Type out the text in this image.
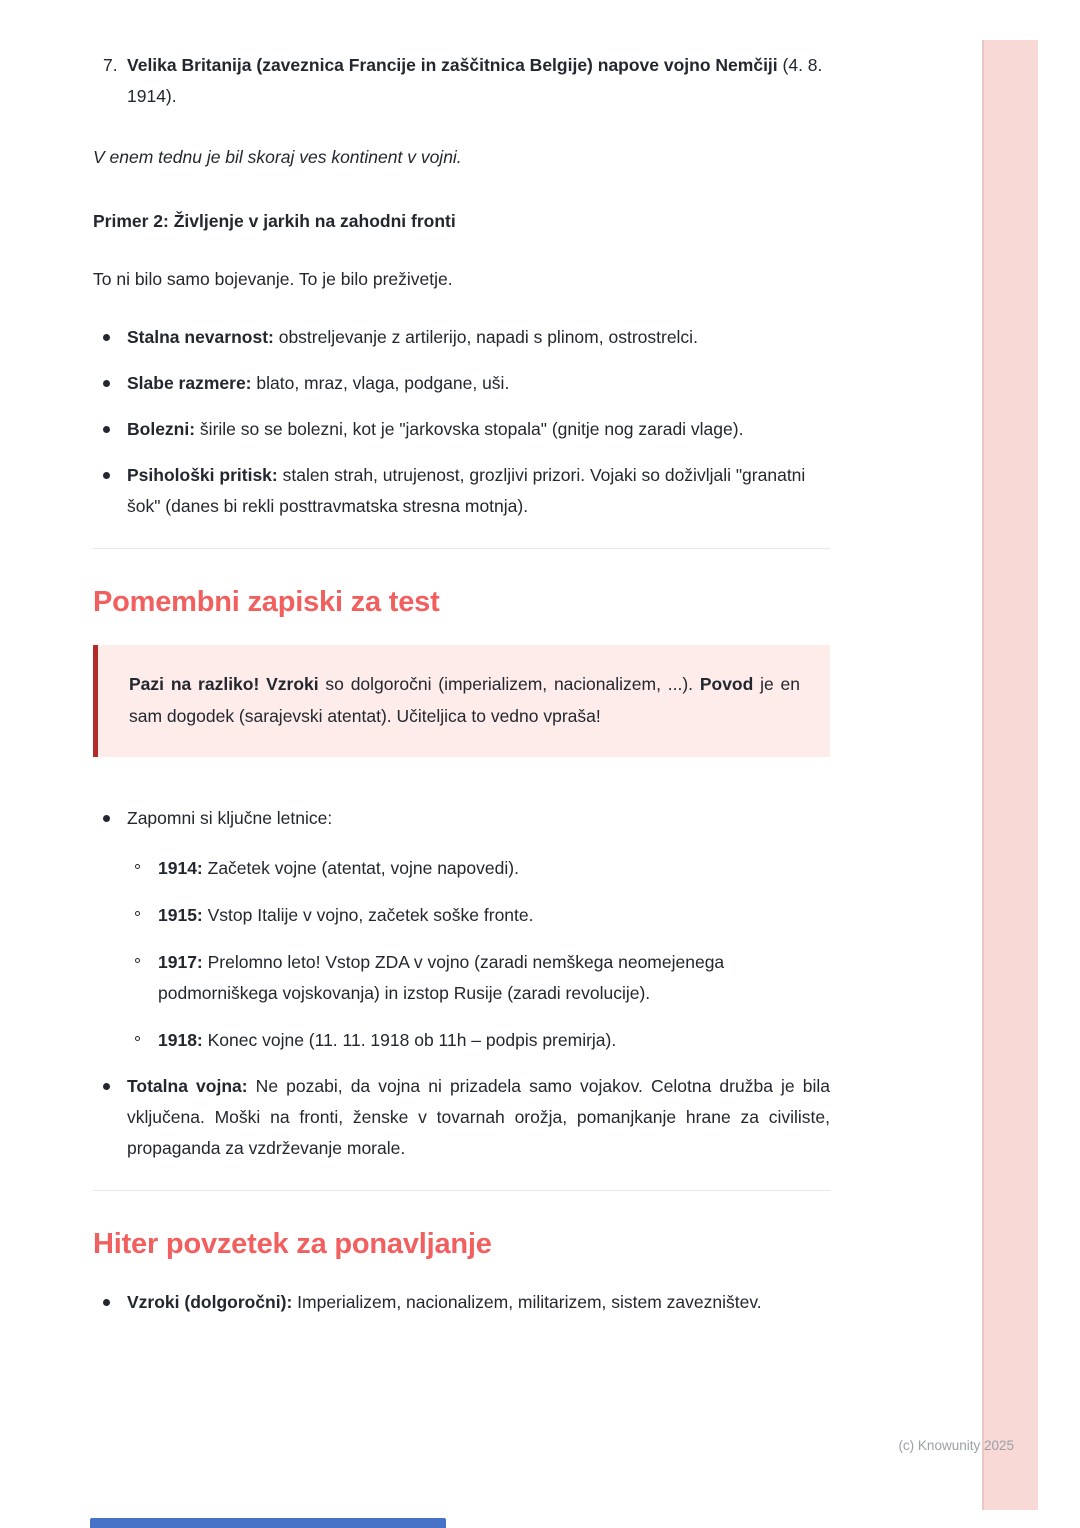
7. Velika Britanija (zaveznica Francije in zaščitnica Belgije) napove vojno Nemčiji (4. 8. 1914).

V enem tednu je bil skoraj ves kontinent v vojni.

Primer 2: Življenje v jarkih na zahodni fronti

To ni bilo samo bojevanje. To je bilo preživetje.

Stalna nevarnost: obstreljevanje z artilerijo, napadi s plinom, ostrostrelci.
Slabe razmere: blato, mraz, vlaga, podgane, uši.
Bolezni: širile so se bolezni, kot je "jarkovska stopala" (gnitje nog zaradi vlage).
Psihološki pritisk: stalen strah, utrujenost, grozljivi prizori. Vojaki so doživljali "granatni šok" (danes bi rekli posttravmatska stresna motnja).
Pomembni zapiski za test

Pazi na razliko! Vzroki so dolgoročni (imperializem, nacionalizem, ...). Povod je en sam dogodek (sarajevski atentat). Učiteljica to vedno vpraša!

Zapomni si ključne letnice:
1914: Začetek vojne (atentat, vojne napovedi).
1915: Vstop Italije v vojno, začetek soške fronte.
1917: Prelomno leto! Vstop ZDA v vojno (zaradi nemškega neomejenega podmorniškega vojskovanja) in izstop Rusije (zaradi revolucije).
1918: Konec vojne (11. 11. 1918 ob 11h – podpis premirja).
Totalna vojna: Ne pozabi, da vojna ni prizadela samo vojakov. Celotna družba je bila vključena. Moški na fronti, ženske v tovarnah orožja, pomanjkanje hrane za civiliste, propaganda za vzdrževanje morale.
Hiter povzetek za ponavljanje
Vzroki (dolgoročni): Imperializem, nacionalizem, militarizem, sistem zavezništev.
(c) Knowunity 2025
